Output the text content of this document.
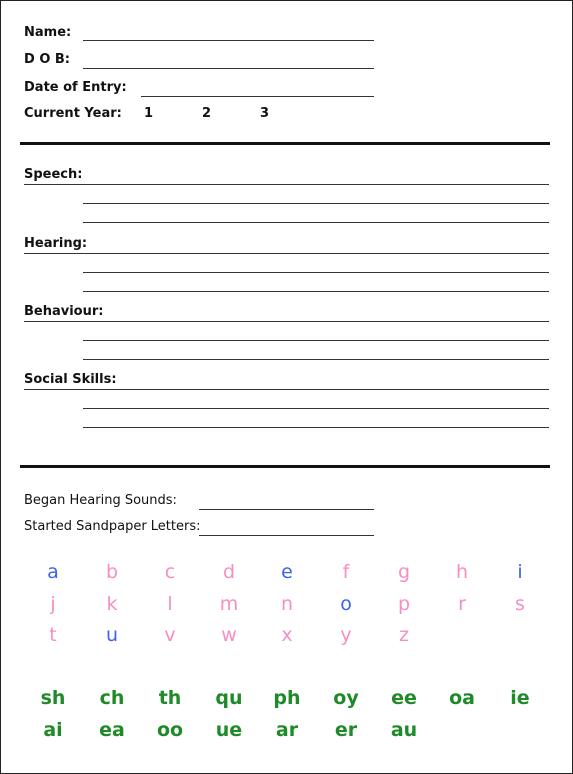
Name:
D O B:
Date of Entry:
Current Year: 1	2	3
Speech:
Hearing:
Behaviour:
Social Skills:
Began Hearing Sounds:
Started Sandpaper Letters:
a	b	c	d	e	f	g	h	i
j	k	l	m	n	o	p	r	s
t	u	v	w	x	y	z
sh	ch	th	qu	ph	oy	ee	oa	ie
ai	ea	oo	ue	ar	er	au
